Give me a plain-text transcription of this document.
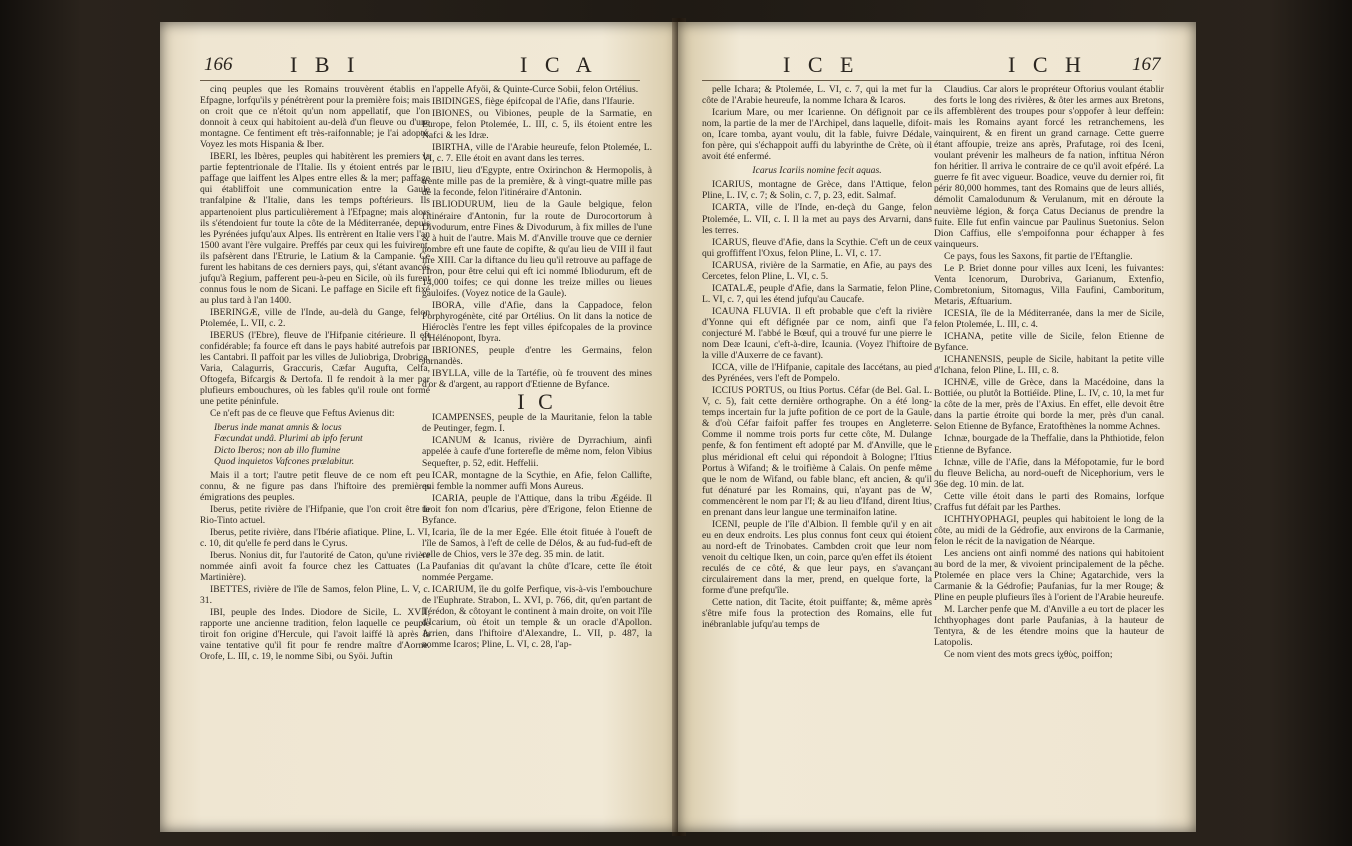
166	I B I	I C A

cinq peuples que les Romains trouvèrent établis en Efpagne, lorfqu'ils y pénétrèrent pour la première fois; mais on croit que ce n'étoit qu'un nom appellatif, que l'on donnoit à ceux qui habitoient au-delà d'un fleuve ou d'une montagne. Ce fentiment eft très-raifonnable; je l'ai adopté. Voyez les mots Hispania & Iber.

IBERI, les Ibères, peuples qui habitèrent les premiers la partie feptentrionale de l'Italie. Ils y étoient entrés par le paffage que laiffent les Alpes entre elles & la mer; paffage qui établiffoit une communication entre la Gaule tranfalpine & l'Italie, dans les temps poftérieurs. Ils appartenoient plus particulièrement à l'Efpagne; mais alors ils s'étendoient fur toute la côte de la Méditerranée, depuis les Pyrénées jufqu'aux Alpes. Ils entrèrent en Italie vers l'an 1500 avant l'ère vulgaire. Preffés par ceux qui les fuivirent, ils pafsèrent dans l'Etrurie, le Latium & la Campanie. Ce furent les habitans de ces derniers pays, qui, s'étant avancés jufqu'à Regium, pafferent peu-à-peu en Sicile, où ils furent connus fous le nom de Sicani. Le paffage en Sicile eft fixé au plus tard à l'an 1400.

IBERINGÆ, ville de l'Inde, au-delà du Gange, felon Ptolemée, L. VII, c. 2.

IBERUS (l'Ebre), fleuve de l'Hifpanie citérieure. Il eft confidérable; fa fource eft dans le pays habité autrefois par les Cantabri. Il paffoit par les villes de Juliobriga, Drobriga, Varia, Calagurris, Graccuris, Cæfar Augufta, Celfa, Oftogefa, Bifcargis & Dertofa. Il fe rendoit à la mer par plufieurs embouchures, où les fables qu'il roule ont formé une petite péninfule.

Ce n'eft pas de ce fleuve que Feftus Avienus dit:

Iberus inde manat amnis & locus
Fœcundat undâ. Plurimi ab ipfo ferunt
Dicto Iberos; non ab illo flumine
Quod inquietos Vafcones prælabitur.

Mais il a tort; l'autre petit fleuve de ce nom eft peu connu, & ne figure pas dans l'hiftoire des premières émigrations des peuples.

Iberus, petite rivière de l'Hifpanie, que l'on croit être le Rio-Tinto actuel.

Iberus, petite rivière, dans l'Ibérie afiatique. Pline, L. VI, c. 10, dit qu'elle fe perd dans le Cyrus.

Iberus. Nonius dit, fur l'autorité de Caton, qu'une rivière nommée ainfi avoit fa fource chez les Cattuates (La Martinière).

IBETTES, rivière de l'île de Samos, felon Pline, L. V, c. 31.

IBI, peuple des Indes. Diodore de Sicile, L. XVII, rapporte une ancienne tradition, felon laquelle ce peuple tiroit fon origine d'Hercule, qui l'avoit laiffé là après la vaine tentative qu'il fit pour fe rendre maître d'Aorne. Orofe, L. III, c. 19, le nomme Sibi, ou Syöi. Juftin

l'appelle Afyöi, & Quinte-Curce Sobii, felon Ortélius.

IBIDINGES, fiège épifcopal de l'Afie, dans l'Ifaurie.

IBIONES, ou Vibiones, peuple de la Sarmatie, en Europe, felon Ptolemée, L. III, c. 5, ils étoient entre les Nafci & les Idræ.

IBIRTHA, ville de l'Arabie heureufe, felon Ptolemée, L. VI, c. 7. Elle étoit en avant dans les terres.

IBIU, lieu d'Egypte, entre Oxirinchon & Hermopolis, à trente mille pas de la première, & à vingt-quatre mille pas de la feconde, felon l'itinéraire d'Antonin.

IBLIODURUM, lieu de la Gaule belgique, felon l'itinéraire d'Antonin, fur la route de Durocortorum à Divodurum, entre Fines & Divodurum, à fix milles de l'une & à huit de l'autre. Mais M. d'Anville trouve que ce dernier nombre eft une faute de copifte, & qu'au lieu de VIII il faut lire XIII. Car la diftance du lieu qu'il retrouve au paffage de l'Iron, pour être celui qui eft ici nommé Ibliodurum, eft de 14,000 toifes; ce qui donne les treize milles ou lieues gauloifes. (Voyez notice de la Gaule).

IBORA, ville d'Afie, dans la Cappadoce, felon Porphyrogénète, cité par Ortélius. On lit dans la notice de Hiéroclès l'entre les fept villes épifcopales de la province d'Hélénopont, Ibyra.

IBRIONES, peuple d'entre les Germains, felon Jornandès.

IBYLLA, ville de la Tartéfie, où fe trouvent des mines d'or & d'argent, au rapport d'Etienne de Byfance.

I C

ICAMPENSES, peuple de la Mauritanie, felon la table de Peutinger, fegm. I.

ICANUM & Icanus, rivière de Dyrrachium, ainfi appelée à caufe d'une forterefle de même nom, felon Vibius Sequefter, p. 52, edit. Heffelii.

ICAR, montagne de la Scythie, en Afie, felon Callifte, qui femble la nommer auffi Mons Aureus.

ICARIA, peuple de l'Attique, dans la tribu Ægéide. Il tiroit fon nom d'Icarius, père d'Erigone, felon Etienne de Byfance.

Icaria, île de la mer Egée. Elle étoit fituée à l'oueft de l'île de Samos, à l'eft de celle de Délos, & au fud-fud-eft de celle de Chios, vers le 37e deg. 35 min. de latit.

Paufanias dit qu'avant la chûte d'Icare, cette île étoit nommée Pergame.

ICARIUM, île du golfe Perfique, vis-à-vis l'embouchure de l'Euphrate. Strabon, L. XVI, p. 766, dit, qu'en partant de Térédon, & côtoyant le continent à main droite, on voit l'île d'Icarium, où étoit un temple & un oracle d'Apollon. Arrien, dans l'hiftoire d'Alexandre, L. VII, p. 487, la nomme Icaros; Pline, L. VI, c. 28, l'ap-

I C E	I C H 167

pelle Ichara; & Ptolemée, L. VI, c. 7, qui la met fur la côte de l'Arabie heureufe, la nomme Ichara & Icaros.

Icarium Mare, ou mer Icarienne. On défignoit par ce nom, la partie de la mer de l'Archipel, dans laquelle, difoit-on, Icare tomba, ayant voulu, dit la fable, fuivre Dédale, fon père, qui s'échappoit auffi du labyrinthe de Crète, où il avoit été enfermé.

Icarus Icariis nomine fecit aquas.

ICARIUS, montagne de Grèce, dans l'Attique, felon Pline, L. IV, c. 7; & Solin, c. 7, p. 23, edit. Salmaf.

ICARTA, ville de l'Inde, en-deçà du Gange, felon Ptolemée, L. VII, c. I. Il la met au pays des Arvarni, dans les terres.

ICARUS, fleuve d'Afie, dans la Scythie. C'eft un de ceux qui groffiffent l'Oxus, felon Pline, L. VI, c. 17.

ICARUSA, rivière de la Sarmatie, en Afie, au pays des Cercetes, felon Pline, L. VI, c. 5.

ICATALÆ, peuple d'Afie, dans la Sarmatie, felon Pline, L. VI, c. 7, qui les étend jufqu'au Caucafe.

ICAUNA FLUVIA. Il eft probable que c'eft la rivière d'Yonne qui eft défignée par ce nom, ainfi que l'a conjecturé M. l'abbé le Bœuf, qui a trouvé fur une pierre le nom Deæ Icauni, c'eft-à-dire, Icaunia. (Voyez l'hiftoire de la ville d'Auxerre de ce favant).

ICCA, ville de l'Hifpanie, capitale des Iaccétans, au pied des Pyrénées, vers l'eft de Pompelo.

ICCIUS PORTUS, ou Itius Portus. Céfar (de Bel. Gal. L. V, c. 5), fait cette dernière orthographe. On a été long-temps incertain fur la jufte pofition de ce port de la Gaule, & d'où Céfar faifoit paffer fes troupes en Angleterre. Comme il nomme trois ports fur cette côte, M. Dulange penfe, & fon fentiment eft adopté par M. d'Anville, que le plus méridional eft celui qui répondoit à Bologne; l'Itius Portus à Wifand; & le troifième à Calais. On penfe même que le nom de Wifand, ou fable blanc, eft ancien, & qu'il fut dénaturé par les Romains, qui, n'ayant pas de W, commencèrent le nom par l'I; & au lieu d'Ifand, dirent Itius, en prenant dans leur langue une terminaifon latine.

ICENI, peuple de l'île d'Albion. Il femble qu'il y en ait eu en deux endroits. Les plus connus font ceux qui étoient au nord-eft de Trinobates. Cambden croit que leur nom venoit du celtique Iken, un coin, parce qu'en effet ils étoient reculés de ce côté, & que leur pays, en s'avançant circulairement dans la mer, prend, en quelque forte, la forme d'une prefqu'île.

Cette nation, dit Tacite, étoit puiffante; &, même après s'être mife fous la protection des Romains, elle fut inébranlable jufqu'au temps de

Claudius. Car alors le propréteur Oftorius voulant établir des forts le long des rivières, & ôter les armes aux Bretons, ils affemblèrent des troupes pour s'oppofer à leur deffein: mais les Romains ayant forcé les retranchemens, les vainquirent, & en firent un grand carnage. Cette guerre étant affoupie, treize ans après, Prafutage, roi des Iceni, voulant prévenir les malheurs de fa nation, inftitua Néron fon héritier. Il arriva le contraire de ce qu'il avoit efpéré. La guerre fe fit avec vigueur. Boadice, veuve du dernier roi, fit périr 80,000 hommes, tant des Romains que de leurs alliés, démolit Camalodunum & Verulanum, mit en déroute la neuvième légion, & força Catus Decianus de prendre la fuite. Elle fut enfin vaincue par Paulinus Suetonius. Selon Dion Caffius, elle s'empoifonna pour échapper à fes vainqueurs.

Ce pays, fous les Saxons, fit partie de l'Eftanglie.

Le P. Briet donne pour villes aux Iceni, les fuivantes: Venta Icenorum, Durobriva, Garianum, Extenfio, Combretonium, Sitomagus, Villa Faufini, Camboritum, Metaris, Æftuarium.

ICESIA, île de la Méditerranée, dans la mer de Sicile, felon Ptolemée, L. III, c. 4.

ICHANA, petite ville de Sicile, felon Etienne de Byfance.

ICHANENSIS, peuple de Sicile, habitant la petite ville d'Ichana, felon Pline, L. III, c. 8.

ICHNÆ, ville de Grèce, dans la Macédoine, dans la Bottiée, ou plutôt la Bottiéïde. Pline, L. IV, c. 10, la met fur la côte de la mer, près de l'Axius. En effet, elle devoit être dans la partie étroite qui borde la mer, près d'un canal. Selon Etienne de Byfance, Eratofthènes la nomme Achnes.

Ichnæ, bourgade de la Theffalie, dans la Phthiotide, felon Etienne de Byfance.

Ichnæ, ville de l'Afie, dans la Méfopotamie, fur le bord du fleuve Belicha, au nord-oueft de Nicephorium, vers le 36e deg. 10 min. de lat.

Cette ville étoit dans le parti des Romains, lorfque Craffus fut défait par les Parthes.

ICHTHYOPHAGI, peuples qui habitoient le long de la côte, au midi de la Gédrofie, aux environs de la Carmanie, felon le récit de la navigation de Néarque.

Les anciens ont ainfi nommé des nations qui habitoient au bord de la mer, & vivoient principalement de la pêche. Ptolemée en place vers la Chine; Agatarchide, vers la Carmanie & la Gédrofie; Paufanias, fur la mer Rouge; & Pline en peuple plufieurs îles à l'orient de l'Arabie heureufe.

M. Larcher penfe que M. d'Anville a eu tort de placer les Ichthyophages dont parle Paufanias, à la hauteur de Tentyra, & de les étendre moins que la hauteur de Latopolis.

Ce nom vient des mots grecs ἰχθὺς, poiffon;
